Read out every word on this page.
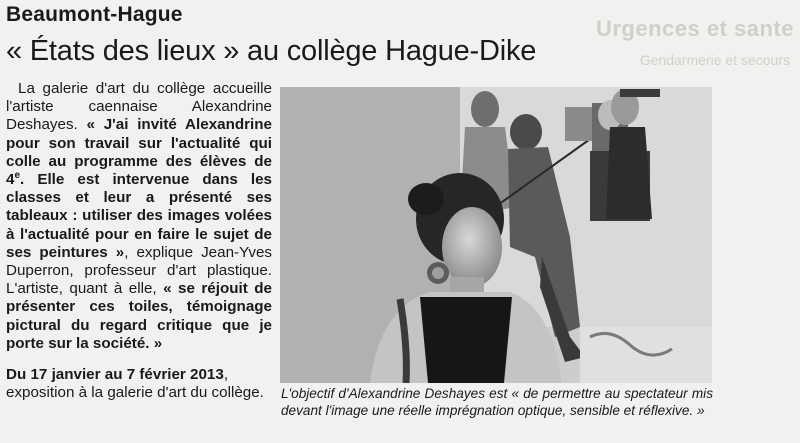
Urgences et sante
Gendarmerie et secours
Beaumont-Hague
« États des lieux » au collège Hague-Dike

La galerie d'art du collège accueille l'artiste caennaise Alexandrine Deshayes. « J'ai invité Alexandrine pour son travail sur l'actualité qui colle au programme des élèves de 4e. Elle est intervenue dans les classes et leur a présenté ses tableaux : utiliser des images volées à l'actualité pour en faire le sujet de ses peintures », explique Jean-Yves Duperron, professeur d'art plastique. L'artiste, quant à elle, « se réjouit de présenter ces toiles, témoignage pictural du regard critique que je porte sur la société. »

Du 17 janvier au 7 février 2013, exposition à la galerie d'art du collège.	L'objectif d'Alexandrine Deshayes est « de permettre au spectateur mis devant l'image une réelle imprégnation optique, sensible et réflexive. »
